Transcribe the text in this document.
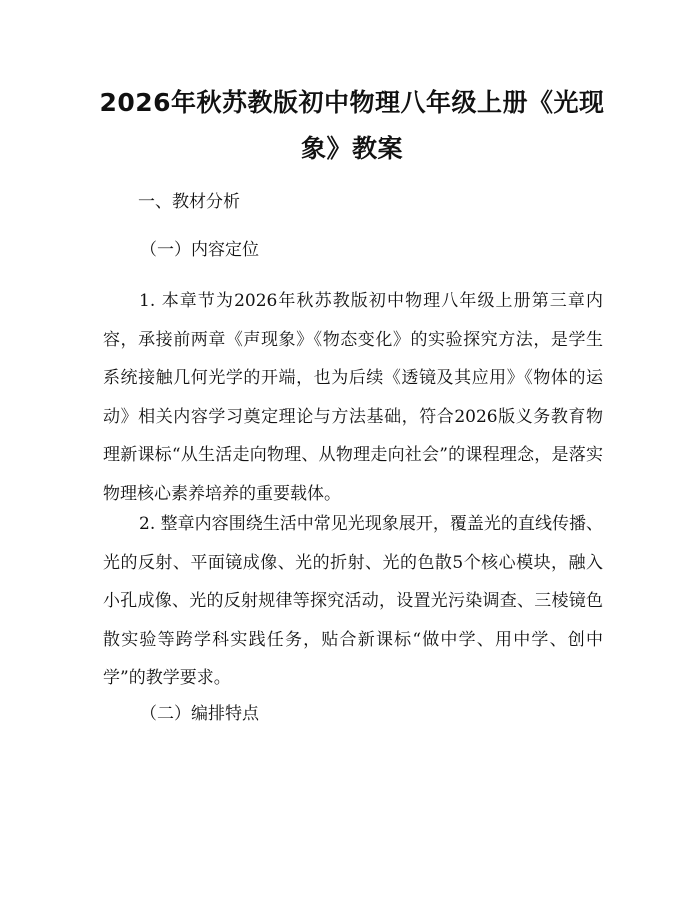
2026年秋苏教版初中物理八年级上册《光现象》教案

一、教材分析

（一）内容定位

1. 本章节为2026年秋苏教版初中物理八年级上册第三章内容，承接前两章《声现象》《物态变化》的实验探究方法，是学生系统接触几何光学的开端，也为后续《透镜及其应用》《物体的运动》相关内容学习奠定理论与方法基础，符合2026版义务教育物理新课标“从生活走向物理、从物理走向社会”的课程理念，是落实物理核心素养培养的重要载体。

2. 整章内容围绕生活中常见光现象展开，覆盖光的直线传播、光的反射、平面镜成像、光的折射、光的色散5个核心模块，融入小孔成像、光的反射规律等探究活动，设置光污染调查、三棱镜色散实验等跨学科实践任务，贴合新课标“做中学、用中学、创中学”的教学要求。

（二）编排特点
